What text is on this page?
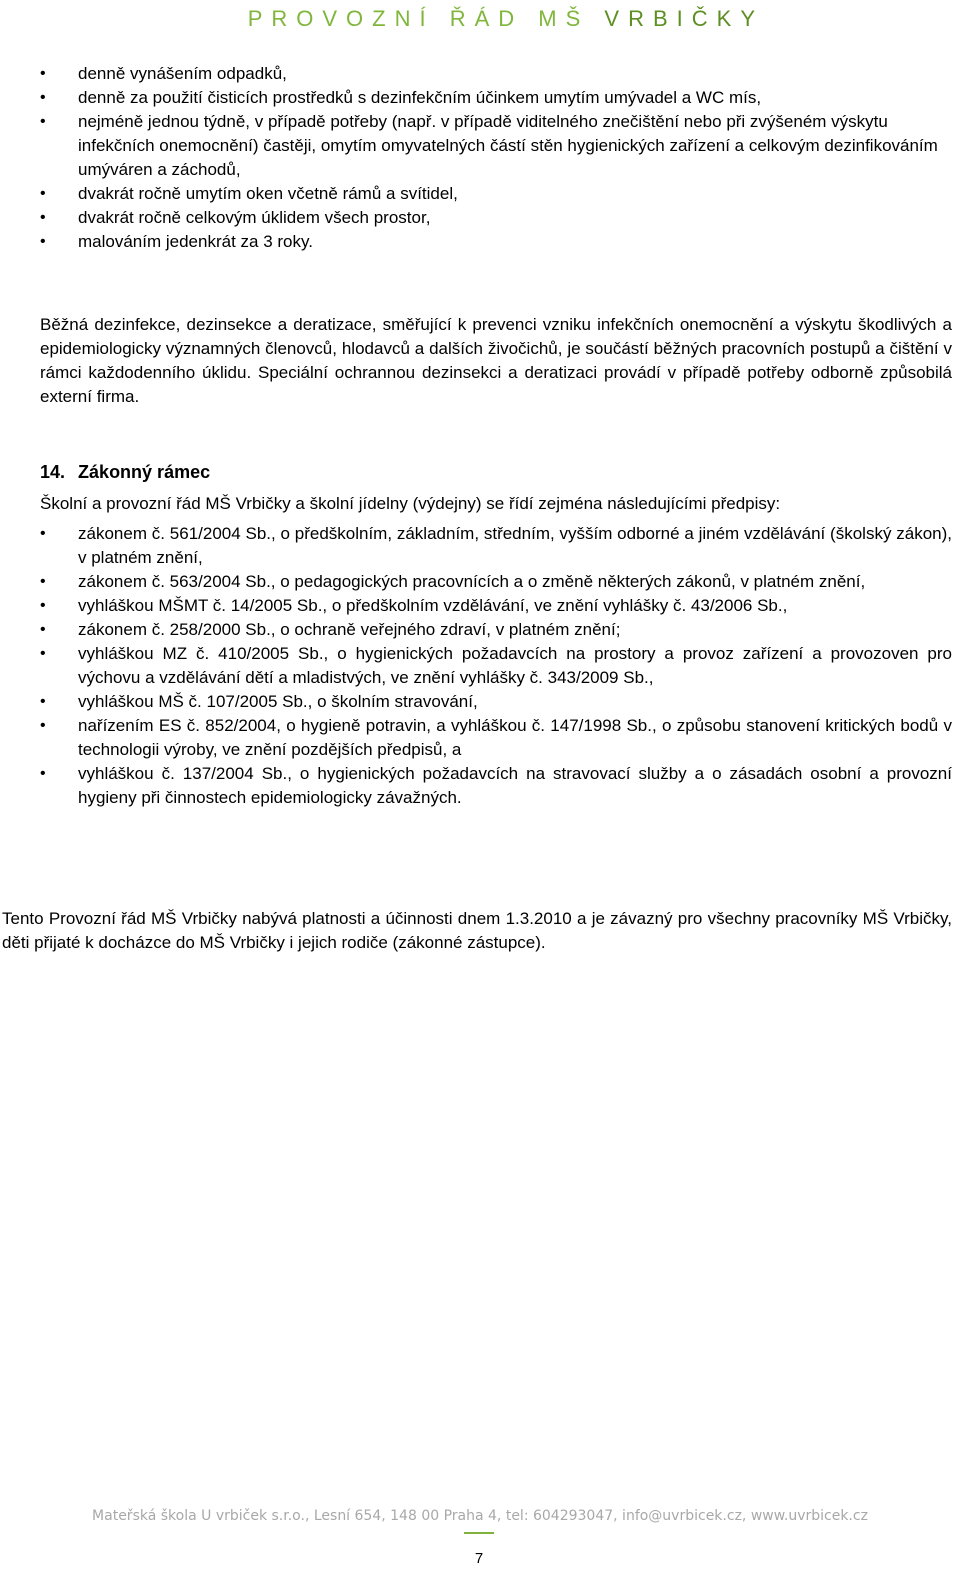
PROVOZNÍ ŘÁD MŠ VRBIČKY
• denně vynášením odpadků,
• denně za použití čisticích prostředků s dezinfekčním účinkem umytím umývadel a WC mís,
• nejméně jednou týdně, v případě potřeby (např. v případě viditelného znečištění nebo při zvýšeném výskytu infekčních onemocnění) častěji, omytím omyvatelných částí stěn hygienických zařízení a celkovým dezinfikováním umýváren a záchodů,
• dvakrát ročně umytím oken včetně rámů a svítidel,
• dvakrát ročně celkovým úklidem všech prostor,
• malováním jedenkrát za 3 roky.
Běžná dezinfekce, dezinsekce a deratizace, směřující k prevenci vzniku infekčních onemocnění a výskytu škodlivých a epidemiologicky významných členovců, hlodavců a dalších živočichů, je součástí běžných pracovních postupů a čištění v rámci každodenního úklidu. Speciální ochrannou dezinsekci a deratizaci provádí v případě potřeby odborně způsobilá externí firma.
14. Zákonný rámec
Školní a provozní řád MŠ Vrbičky a školní jídelny (výdejny) se řídí zejména následujícími předpisy:
• zákonem č. 561/2004 Sb., o předškolním, základním, středním, vyšším odborné a jiném vzdělávání (školský zákon), v platném znění,
• zákonem č. 563/2004 Sb., o pedagogických pracovnících a o změně některých zákonů, v platném znění,
• vyhláškou MŠMT č. 14/2005 Sb., o předškolním vzdělávání, ve znění vyhlášky č. 43/2006 Sb.,
• zákonem č. 258/2000 Sb., o ochraně veřejného zdraví, v platném znění;
• vyhláškou MZ č. 410/2005 Sb., o hygienických požadavcích na prostory a provoz zařízení a provozoven pro výchovu a vzdělávání dětí a mladistvých, ve znění vyhlášky č. 343/2009 Sb.,
• vyhláškou MŠ č. 107/2005 Sb., o školním stravování,
• nařízením ES č. 852/2004, o hygieně potravin, a vyhláškou č. 147/1998 Sb., o způsobu stanovení kritických bodů v technologii výroby, ve znění pozdějších předpisů, a
• vyhláškou č. 137/2004 Sb., o hygienických požadavcích na stravovací služby a o zásadách osobní a provozní hygieny při činnostech epidemiologicky závažných.
Tento Provozní řád MŠ Vrbičky nabývá platnosti a účinnosti dnem 1.3.2010 a je závazný pro všechny pracovníky MŠ Vrbičky, děti přijaté k docházce do MŠ Vrbičky i jejich rodiče (zákonné zástupce).
Mateřská škola U vrbiček s.r.o., Lesní 654, 148 00 Praha 4, tel: 604293047, info@uvrbicek.cz, www.uvrbicek.cz
7
